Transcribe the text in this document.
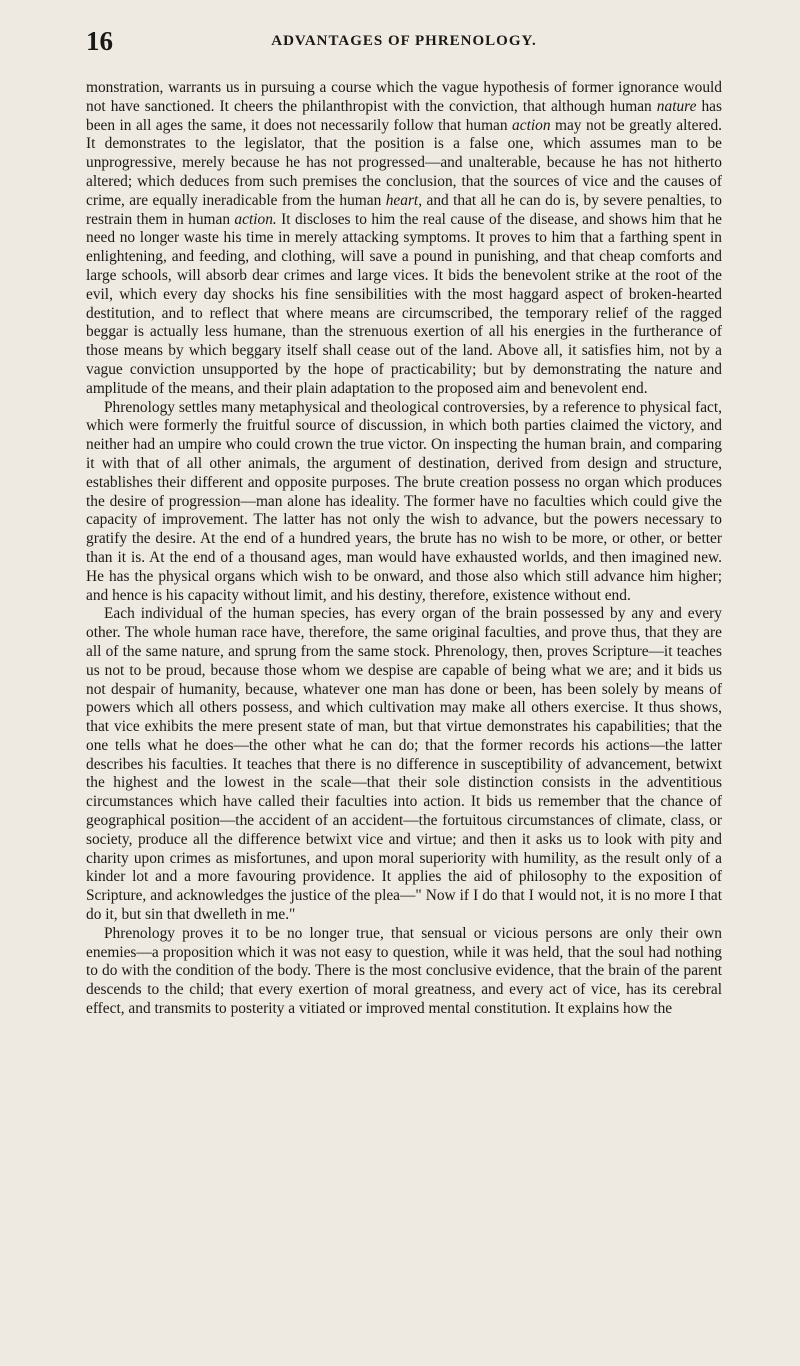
16	ADVANTAGES OF PHRENOLOGY.

monstration, warrants us in pursuing a course which the vague hypothesis of former ignorance would not have sanctioned. It cheers the philanthropist with the conviction, that although human nature has been in all ages the same, it does not necessarily follow that human action may not be greatly altered. It demonstrates to the legislator, that the position is a false one, which assumes man to be unprogressive, merely because he has not progressed—and unalterable, because he has not hitherto altered; which deduces from such premises the conclusion, that the sources of vice and the causes of crime, are equally ineradicable from the human heart, and that all he can do is, by severe penalties, to restrain them in human action. It discloses to him the real cause of the disease, and shows him that he need no longer waste his time in merely attacking symptoms. It proves to him that a farthing spent in enlightening, and feeding, and clothing, will save a pound in punishing, and that cheap comforts and large schools, will absorb dear crimes and large vices. It bids the benevolent strike at the root of the evil, which every day shocks his fine sensibilities with the most haggard aspect of broken-hearted destitution, and to reflect that where means are circumscribed, the temporary relief of the ragged beggar is actually less humane, than the strenuous exertion of all his energies in the furtherance of those means by which beggary itself shall cease out of the land. Above all, it satisfies him, not by a vague conviction unsupported by the hope of practicability; but by demonstrating the nature and amplitude of the means, and their plain adaptation to the proposed aim and benevolent end.

Phrenology settles many metaphysical and theological controversies, by a reference to physical fact, which were formerly the fruitful source of discussion, in which both parties claimed the victory, and neither had an umpire who could crown the true victor. On inspecting the human brain, and comparing it with that of all other animals, the argument of destination, derived from design and structure, establishes their different and opposite purposes. The brute creation possess no organ which produces the desire of progression—man alone has ideality. The former have no faculties which could give the capacity of improvement. The latter has not only the wish to advance, but the powers necessary to gratify the desire. At the end of a hundred years, the brute has no wish to be more, or other, or better than it is. At the end of a thousand ages, man would have exhausted worlds, and then imagined new. He has the physical organs which wish to be onward, and those also which still advance him higher; and hence is his capacity without limit, and his destiny, therefore, existence without end.

Each individual of the human species, has every organ of the brain possessed by any and every other. The whole human race have, therefore, the same original faculties, and prove thus, that they are all of the same nature, and sprung from the same stock. Phrenology, then, proves Scripture—it teaches us not to be proud, because those whom we despise are capable of being what we are; and it bids us not despair of humanity, because, whatever one man has done or been, has been solely by means of powers which all others possess, and which cultivation may make all others exercise. It thus shows, that vice exhibits the mere present state of man, but that virtue demonstrates his capabilities; that the one tells what he does—the other what he can do; that the former records his actions—the latter describes his faculties. It teaches that there is no difference in susceptibility of advancement, betwixt the highest and the lowest in the scale—that their sole distinction consists in the adventitious circumstances which have called their faculties into action. It bids us remember that the chance of geographical position—the accident of an accident—the fortuitous circumstances of climate, class, or society, produce all the difference betwixt vice and virtue; and then it asks us to look with pity and charity upon crimes as misfortunes, and upon moral superiority with humility, as the result only of a kinder lot and a more favouring providence. It applies the aid of philosophy to the exposition of Scripture, and acknowledges the justice of the plea—" Now if I do that I would not, it is no more I that do it, but sin that dwelleth in me."

Phrenology proves it to be no longer true, that sensual or vicious persons are only their own enemies—a proposition which it was not easy to question, while it was held, that the soul had nothing to do with the condition of the body. There is the most conclusive evidence, that the brain of the parent descends to the child; that every exertion of moral greatness, and every act of vice, has its cerebral effect, and transmits to posterity a vitiated or improved mental constitution. It explains how the
